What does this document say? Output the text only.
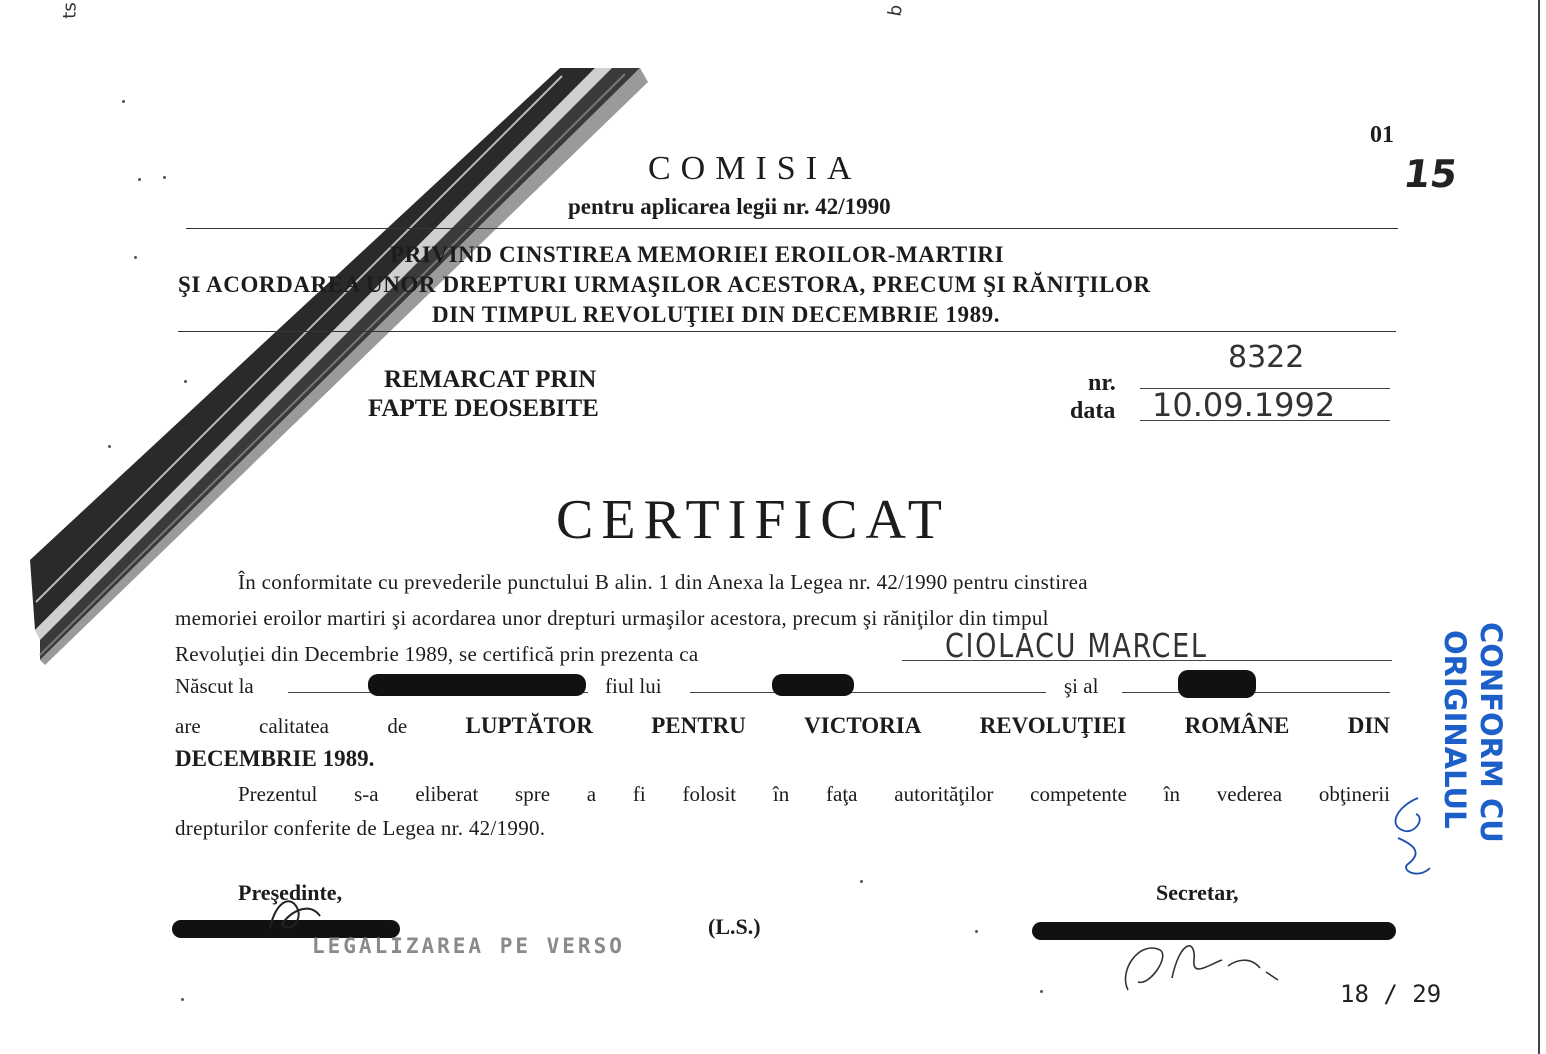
ts	b
01
15
COMISIA
pentru aplicarea legii nr. 42/1990
PRIVIND CINSTIREA MEMORIEI EROILOR-MARTIRI
ŞI ACORDAREA UNOR DREPTURI URMAŞILOR ACESTORA, PRECUM ŞI RĂNIŢILOR
DIN TIMPUL REVOLUŢIEI DIN DECEMBRIE 1989.
REMARCAT PRIN
FAPTE DEOSEBITE
nr.
8322
data 10.09.1992
CERTIFICAT
În conformitate cu prevederile punctului B alin. 1 din Anexa la Legea nr. 42/1990 pentru cinstirea
memoriei eroilor martiri şi acordarea unor drepturi urmaşilor acestora, precum şi răniţilor din timpul
Revoluţiei din Decembrie 1989, se certifică prin prezenta ca	CIOLACU MARCEL
Născut la	fiul lui	şi al
are	calitatea	de	LUPTĂTOR	PENTRU	VICTORIA	REVOLUŢIEI	ROMÂNE	DIN
DECEMBRIE 1989.
Prezentul s-a eliberat spre a fi folosit în faţa autorităţilor competente în vederea obţinerii
drepturilor conferite de Legea nr. 42/1990.
Preşedinte,
(L.S.)
Secretar,
LEGALIZAREA PE VERSO
CONFORM CU
ORIGINALUL
18 / 29
